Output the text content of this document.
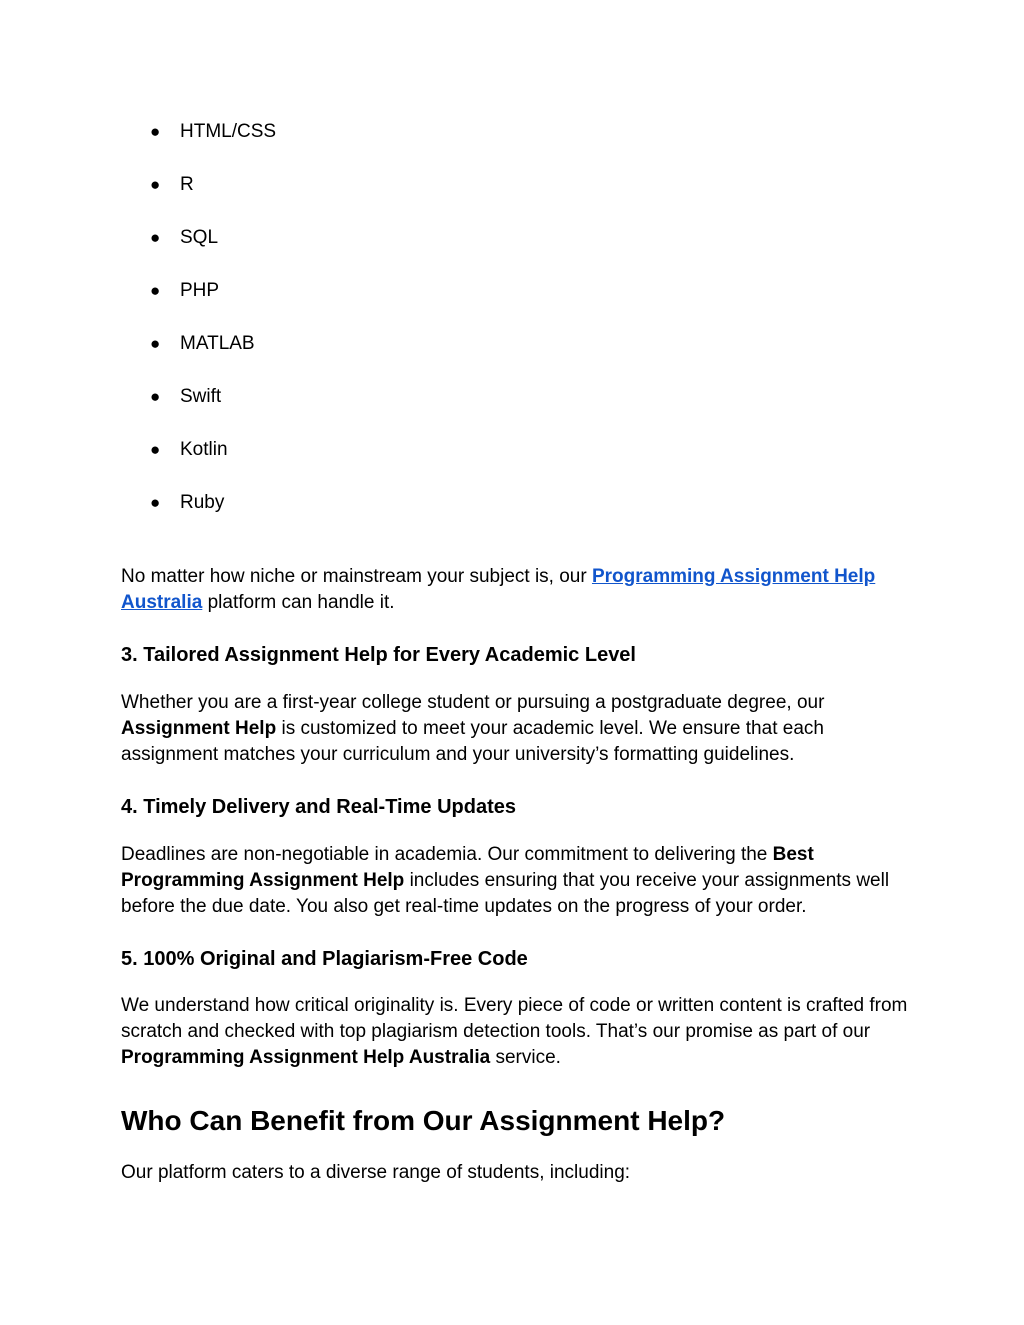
●	HTML/CSS
●	R
●	SQL
●	PHP
●	MATLAB
●	Swift
●	Kotlin
●	Ruby

No matter how niche or mainstream your subject is, our Programming Assignment Help Australia platform can handle it.

3. Tailored Assignment Help for Every Academic Level

Whether you are a first-year college student or pursuing a postgraduate degree, our Assignment Help is customized to meet your academic level. We ensure that each assignment matches your curriculum and your university’s formatting guidelines.

4. Timely Delivery and Real-Time Updates

Deadlines are non-negotiable in academia. Our commitment to delivering the Best Programming Assignment Help includes ensuring that you receive your assignments well before the due date. You also get real-time updates on the progress of your order.

5. 100% Original and Plagiarism-Free Code

We understand how critical originality is. Every piece of code or written content is crafted from scratch and checked with top plagiarism detection tools. That’s our promise as part of our Programming Assignment Help Australia service.

Who Can Benefit from Our Assignment Help?

Our platform caters to a diverse range of students, including:
